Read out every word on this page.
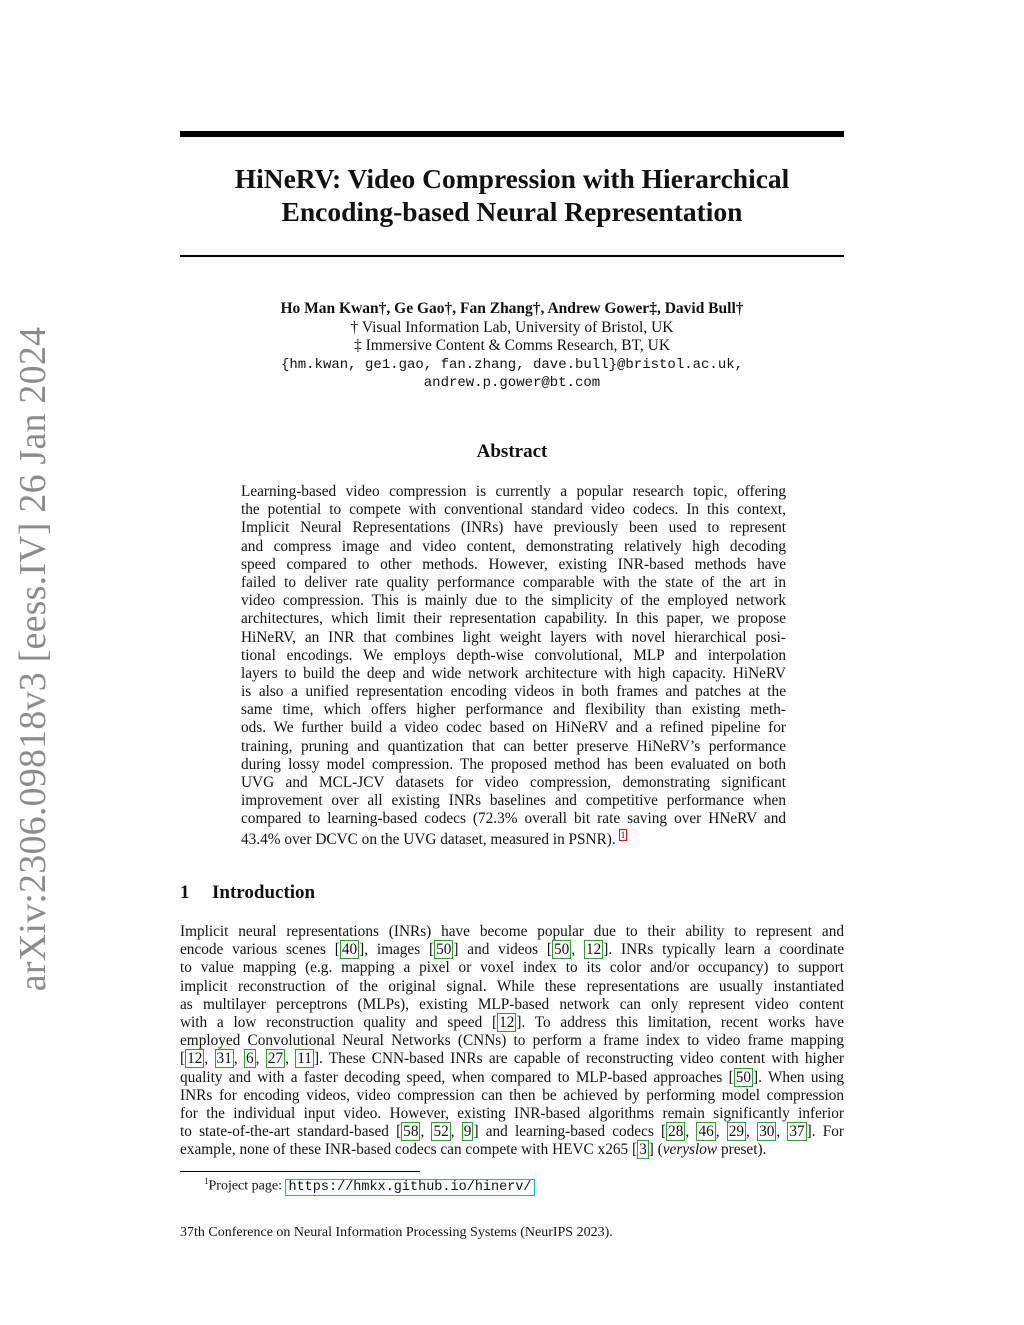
arXiv:2306.09818v3 [eess.IV] 26 Jan 2024
HiNeRV: Video Compression with Hierarchical
Encoding-based Neural Representation
Ho Man Kwan†, Ge Gao†, Fan Zhang†, Andrew Gower‡, David Bull†
† Visual Information Lab, University of Bristol, UK
‡ Immersive Content & Comms Research, BT, UK
{hm.kwan, ge1.gao, fan.zhang, dave.bull}@bristol.ac.uk,
andrew.p.gower@bt.com
Abstract
Learning-based video compression is currently a popular research topic, offering
the potential to compete with conventional standard video codecs. In this context,
Implicit Neural Representations (INRs) have previously been used to represent
and compress image and video content, demonstrating relatively high decoding
speed compared to other methods. However, existing INR-based methods have
failed to deliver rate quality performance comparable with the state of the art in
video compression. This is mainly due to the simplicity of the employed network
architectures, which limit their representation capability. In this paper, we propose
HiNeRV, an INR that combines light weight layers with novel hierarchical posi-
tional encodings. We employs depth-wise convolutional, MLP and interpolation
layers to build the deep and wide network architecture with high capacity. HiNeRV
is also a unified representation encoding videos in both frames and patches at the
same time, which offers higher performance and flexibility than existing meth-
ods. We further build a video codec based on HiNeRV and a refined pipeline for
training, pruning and quantization that can better preserve HiNeRV’s performance
during lossy model compression. The proposed method has been evaluated on both
UVG and MCL-JCV datasets for video compression, demonstrating significant
improvement over all existing INRs baselines and competitive performance when
compared to learning-based codecs (72.3% overall bit rate saving over HNeRV and
43.4% over DCVC on the UVG dataset, measured in PSNR). 1
1 Introduction
Implicit neural representations (INRs) have become popular due to their ability to represent and
encode various scenes [ 40 ], images [ 50 ] and videos [ 50 , 12 ]. INRs typically learn a coordinate
to value mapping (e.g. mapping a pixel or voxel index to its color and/or occupancy) to support
implicit reconstruction of the original signal. While these representations are usually instantiated
as multilayer perceptrons (MLPs), existing MLP-based network can only represent video content
with a low reconstruction quality and speed [ 12 ]. To address this limitation, recent works have
employed Convolutional Neural Networks (CNNs) to perform a frame index to video frame mapping
[ 12 , 31 , 6 , 27 , 11 ]. These CNN-based INRs are capable of reconstructing video content with higher
quality and with a faster decoding speed, when compared to MLP-based approaches [ 50 ]. When using
INRs for encoding videos, video compression can then be achieved by performing model compression
for the individual input video. However, existing INR-based algorithms remain significantly inferior
to state-of-the-art standard-based [ 58 , 52 , 9 ] and learning-based codecs [ 28 , 46 , 29 , 30 , 37 ]. For
example, none of these INR-based codecs can compete with HEVC x265 [ 3 ] (veryslow preset).
$^1$Project page: https://hmkx.github.io/hinerv/
37th Conference on Neural Information Processing Systems (NeurIPS 2023).
